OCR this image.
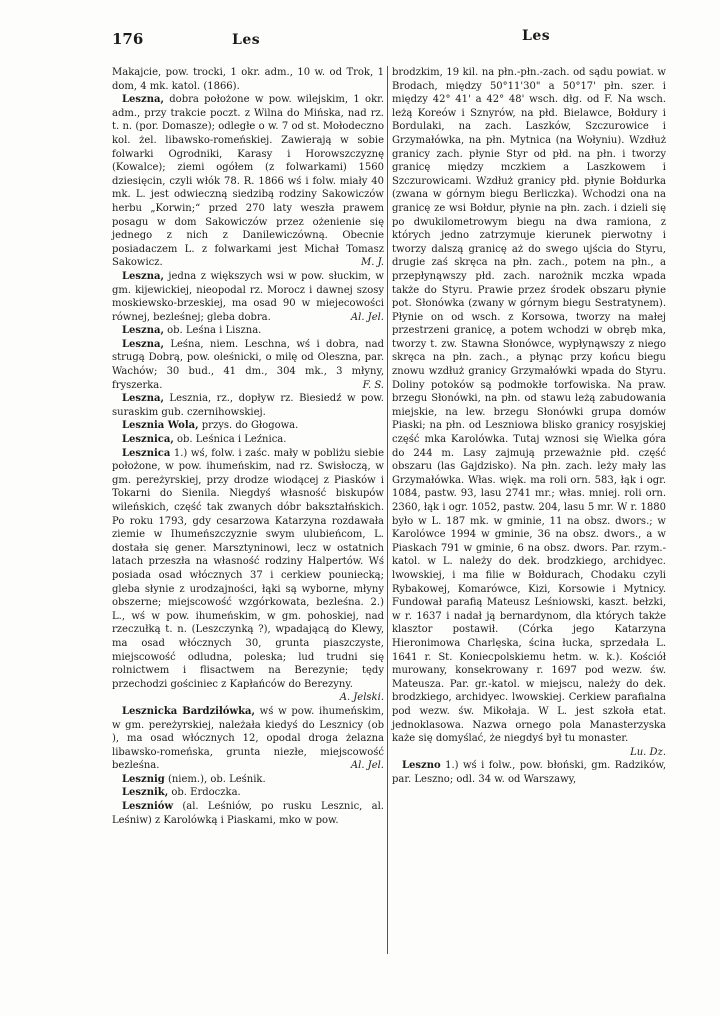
176	Les	Les

Makajcie, pow. trocki, 1 okr. adm., 10 w. od Trok, 1 dom, 4 mk. katol. (1866).

Leszna, dobra położone w pow. wilejskim, 1 okr. adm., przy trakcie poczt. z Wilna do Mińska, nad rz. t. n. (por. Domasze); odległe o w. 7 od st. Mołodeczno kol. żel. libawsko-romeńskiej. Zawierają w sobie folwarki Ogrodniki, Karasy i Horowszczyznę (Kowalce); ziemi ogółem (z folwarkami) 1560 dziesięcin, czyli włók 78. R. 1866 wś i folw. miały 40 mk. L. jest odwieczną siedzibą rodziny Sakowiczów herbu „Korwin;“ przed 270 laty weszła prawem posagu w dom Sakowiczów przez ożenienie się jednego z nich z Danilewiczówną. Obecnie posiadaczem L. z folwarkami jest Michał Tomasz Sakowicz.	M. J.

Leszna, jedna z większych wsi w pow. słuckim, w gm. kijewickiej, nieopodal rz. Morocz i dawnej szosy moskiewsko-brzeskiej, ma osad 90 w miejecowości równej, bezleśnej; gleba dobra.	Al. Jel.

Leszna, ob. Leśna i Liszna.

Leszna, Leśna, niem. Leschna, wś i dobra, nad strugą Dobrą, pow. oleśnicki, o milę od Oleszna, par. Wachów; 30 bud., 41 dm., 304 mk., 3 młyny, fryszerka.	F. S.

Leszna, Lesznia, rz., dopływ rz. Biesiedź w pow. suraskim gub. czernihowskiej.

Lesznia Wola, przys. do Głogowa.

Lesznica, ob. Leśnica i Leźnica.

Lesznica 1.) wś, folw. i zaśc. mały w pobliżu siebie położone, w pow. ihumeńskim, nad rz. Swisłoczą, w gm. pereżyrskiej, przy drodze wiodącej z Piasków i Tokarni do Sienila. Niegdyś własność biskupów wileńskich, część tak zwanych dóbr bakształńskich. Po roku 1793, gdy cesarzowa Katarzyna rozdawała ziemie w Ihumeńszczyznie swym ulubieńcom, L. dostała się gener. Marsztyninowi, lecz w ostatnich latach przeszła na własność rodziny Halpertów. Wś posiada osad włócznych 37 i cerkiew pouniecką; gleba słynie z urodzajności, łąki są wyborne, młyny obszerne; miejscowość wzgórkowata, bezleśna. 2.) L., wś w pow. ihumeńskim, w gm. pohoskiej, nad rzeczułką t. n. (Leszczynką ?), wpadającą do Klewy, ma osad włócznych 30, grunta piaszczyste, miejscowość odludna, poleska; lud trudni się rolnictwem i flisactwem na Berezynie; tędy przechodzi gościniec z Kapłańców do Berezyny.
A. Jelski.

Lesznicka Bardziłówka, wś w pow. ihumeńskim, w gm. pereżyrskiej, należała kiedyś do Lesznicy (ob ), ma osad włócznych 12, opodal droga żelazna libawsko-romeńska, grunta niezłe, miejscowość bezleśna.	Al. Jel.

Lesznig (niem.), ob. Leśnik.

Lesznik, ob. Erdoczka.

Leszniów (al. Leśniów, po rusku Lesznic, al. Leśniw) z Karolówką i Piaskami, mko w pow.

brodzkim, 19 kil. na płn.-płn.-zach. od sądu powiat. w Brodach, między 50°11'30" a 50°17' płn. szer. i między 42° 41' a 42° 48' wsch. dłg. od F. Na wsch. leżą Koreów i Sznyrów, na płd. Bielawce, Bołdury i Bordulaki, na zach. Laszków, Szczurowice i Grzymałówka, na płn. Mytnica (na Wołyniu). Wzdłuż granicy zach. płynie Styr od płd. na płn. i tworzy granicę między mczkiem a Laszkowem i Szczurowicami. Wzdłuż granicy płd. płynie Bołdurka (zwana w górnym biegu Berliczka). Wchodzi ona na granicę ze wsi Bołdur, płynie na płn. zach. i dzieli się po dwukilometrowym biegu na dwa ramiona, z których jedno zatrzymuje kierunek pierwotny i tworzy dalszą granicę aż do swego ujścia do Styru, drugie zaś skręca na płn. zach., potem na płn., a przepłynąwszy płd. zach. narożnik mczka wpada także do Styru. Prawie przez środek obszaru płynie pot. Słonówka (zwany w górnym biegu Sestratynem). Płynie on od wsch. z Korsowa, tworzy na małej przestrzeni granicę, a potem wchodzi w obręb mka, tworzy t. zw. Stawna Słonówce, wypłynąwszy z niego skręca na płn. zach., a płynąc przy końcu biegu znowu wzdłuż granicy Grzymałówki wpada do Styru. Doliny potoków są podmokłe torfowiska. Na praw. brzegu Słonówki, na płn. od stawu leżą zabudowania miejskie, na lew. brzegu Słonówki grupa domów Piaski; na płn. od Leszniowa blisko granicy rosyjskiej część mka Karolówka. Tutaj wznosi się Wielka góra do 244 m. Lasy zajmują przeważnie płd. część obszaru (las Gajdzisko). Na płn. zach. leży mały las Grzymałówka. Włas. więk. ma roli orn. 583, łąk i ogr. 1084, pastw. 93, lasu 2741 mr.; włas. mniej. roli orn. 2360, łąk i ogr. 1052, pastw. 204, lasu 5 mr. W r. 1880 było w L. 187 mk. w gminie, 11 na obsz. dwors.; w Karolówce 1994 w gminie, 36 na obsz. dwors., a w Piaskach 791 w gminie, 6 na obsz. dwors. Par. rzym.-katol. w L. należy do dek. brodzkiego, archidyec. lwowskiej, i ma filie w Bołdurach, Chodaku czyli Rybakowej, Komarówce, Kizi, Korsowie i Mytnicy. Fundował parafią Mateusz Leśniowski, kaszt. bełzki, w r. 1637 i nadał ją bernardynom, dla których także klasztor postawił. (Córka jego Katarzyna Hieronimowa Charlęska, ścina łucka, sprzedała L. 1641 r. St. Koniecpolskiemu hetm. w. k.). Kościół murowany, konsekrowany r. 1697 pod wezw. św. Mateusza. Par. gr.-katol. w miejscu, należy do dek. brodzkiego, archidyec. lwowskiej. Cerkiew parafialna pod wezw. św. Mikołaja. W L. jest szkoła etat. jednoklasowa. Nazwa ornego pola Manasterzyska każe się domyślać, że niegdyś był tu monaster.
Lu. Dz.

Leszno 1.) wś i folw., pow. błoński, gm. Radzików, par. Leszno; odl. 34 w. od Warszawy,
